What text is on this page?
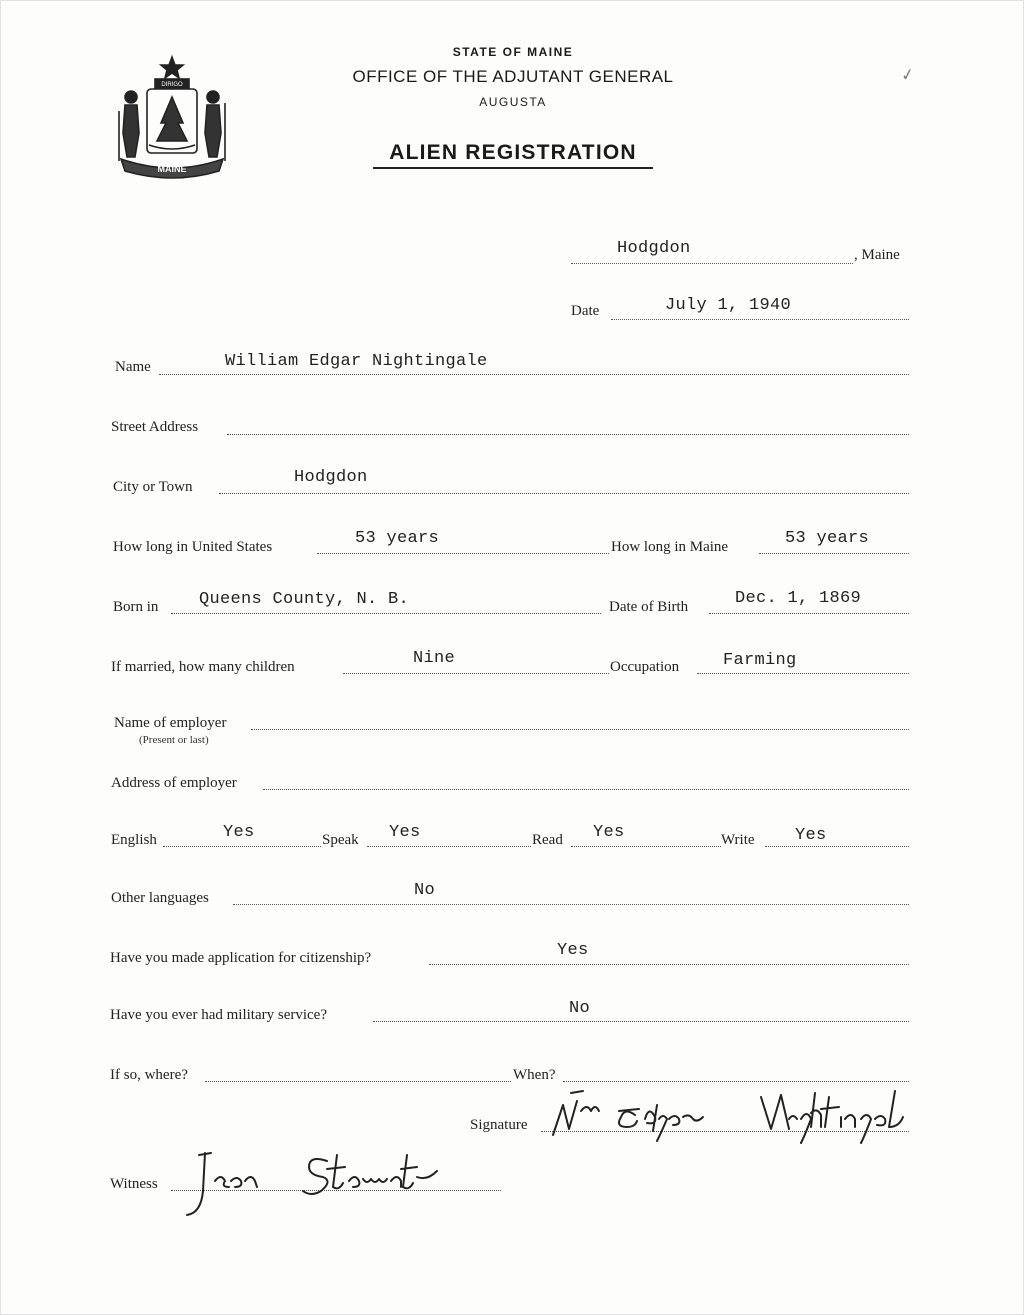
DIRIGO
MAINE
STATE OF MAINE
OFFICE OF THE ADJUTANT GENERAL
AUGUSTA
ALIEN REGISTRATION
✓
Hodgdon	, Maine
Date	July 1, 1940
Name	William Edgar Nightingale
Street Address
City or Town	Hodgdon
How long in United States	53 years	How long in Maine	53 years
Born in Queens County, N. B.	Date of Birth	Dec. 1, 1869
If married, how many children	Nine	Occupation	Farming
Name of employer
(Present or last)
Address of employer
English	Yes	Speak Yes	Read Yes	Write Yes
Other languages	No
Have you made application for citizenship?	Yes
Have you ever had military service?	No
If so, where?	When?
Signature
Witness
